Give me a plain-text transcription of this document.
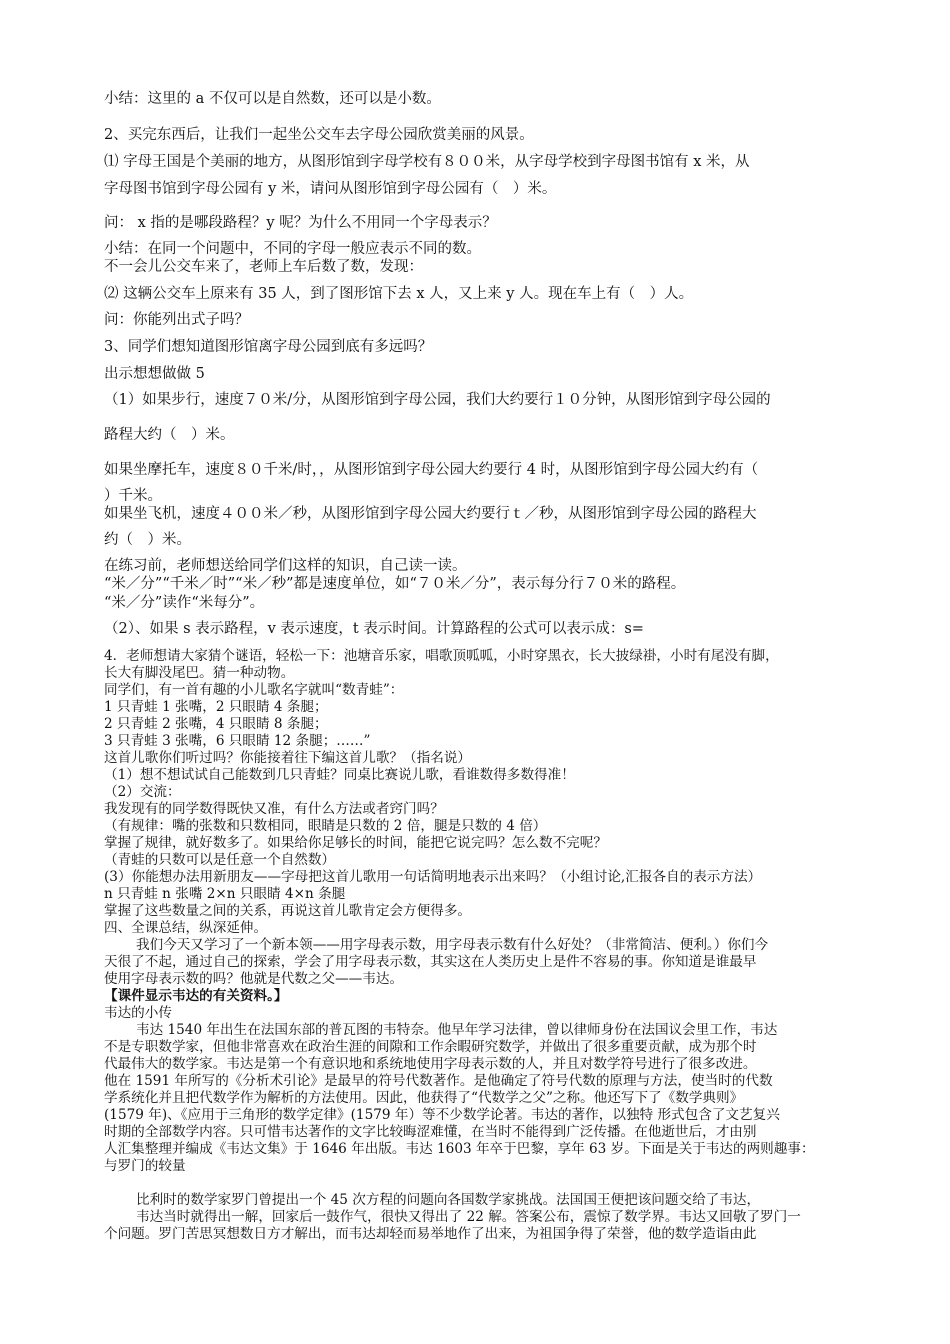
小结：这里的 a 不仅可以是自然数，还可以是小数。
2、买完东西后，让我们一起坐公交车去字母公园欣赏美丽的风景。
⑴ 字母王国是个美丽的地方，从图形馆到字母学校有８００米，从字母学校到字母图书馆有 x 米，从
字母图书馆到字母公园有 y 米，请问从图形馆到字母公园有（　）米。
问： x 指的是哪段路程？y 呢？为什么不用同一个字母表示？
小结：在同一个问题中，不同的字母一般应表示不同的数。
不一会儿公交车来了，老师上车后数了数，发现：
⑵ 这辆公交车上原来有 35 人，到了图形馆下去 x 人，又上来 y 人。现在车上有（　）人。
问：你能列出式子吗？
3、同学们想知道图形馆离字母公园到底有多远吗？
出示想想做做 5
（1）如果步行，速度７０米/分，从图形馆到字母公园，我们大约要行１０分钟，从图形馆到字母公园的
路程大约（　）米。
如果坐摩托车，速度８０千米/时，，从图形馆到字母公园大约要行 4 时，从图形馆到字母公园大约有（
）千米。
如果坐飞机，速度４００米／秒，从图形馆到字母公园大约要行ｔ／秒，从图形馆到字母公园的路程大
约（　）米。
在练习前，老师想送给同学们这样的知识，自己读一读。
“米／分”“千米／时”“米／秒”都是速度单位，如“７０米／分”，表示每分行７０米的路程。
“米／分”读作“米每分”。
（2）、如果 s 表示路程，v 表示速度，t 表示时间。计算路程的公式可以表示成：s=
4．老师想请大家猜个谜语，轻松一下：池塘音乐家，唱歌顶呱呱，小时穿黑衣，长大披绿褂，小时有尾没有脚，
长大有脚没尾巴。猜一种动物。
同学们，有一首有趣的小儿歌名字就叫“数青蛙”：
1 只青蛙 1 张嘴，2 只眼睛 4 条腿；
2 只青蛙 2 张嘴，4 只眼睛 8 条腿；
3 只青蛙 3 张嘴，6 只眼睛 12 条腿；……”
这首儿歌你们听过吗？你能接着往下编这首儿歌？（指名说）
（1）想不想试试自己能数到几只青蛙？同桌比赛说儿歌，看谁数得多数得准！
（2）交流：
我发现有的同学数得既快又准，有什么方法或者窍门吗？
（有规律：嘴的张数和只数相同，眼睛是只数的 2 倍，腿是只数的 4 倍）
掌握了规律，就好数多了。如果给你足够长的时间，能把它说完吗？怎么数不完呢？
（青蛙的只数可以是任意一个自然数）
(3）你能想办法用新朋友——字母把这首儿歌用一句话简明地表示出来吗？（小组讨论,汇报各自的表示方法）
n 只青蛙 n 张嘴 2×n 只眼睛 4×n 条腿
掌握了这些数量之间的关系，再说这首儿歌肯定会方便得多。
四、全课总结，纵深延伸。
我们今天又学习了一个新本领——用字母表示数，用字母表示数有什么好处？（非常简洁、便利。）你们今
天很了不起，通过自己的探索，学会了用字母表示数，其实这在人类历史上是件不容易的事。你知道是谁最早
使用字母表示数的吗？他就是代数之父——韦达。
【课件显示韦达的有关资料。】
韦达的小传
韦达 1540 年出生在法国东部的普瓦图的韦特奈。他早年学习法律，曾以律师身份在法国议会里工作，韦达
不是专职数学家，但他非常喜欢在政治生涯的间隙和工作余暇研究数学，并做出了很多重要贡献，成为那个时
代最伟大的数学家。韦达是第一个有意识地和系统地使用字母表示数的人，并且对数学符号进行了很多改进。
他在 1591 年所写的《分析术引论》是最早的符号代数著作。是他确定了符号代数的原理与方法，使当时的代数
学系统化并且把代数学作为解析的方法使用。因此，他获得了“代数学之父”之称。他还写下了《数学典则》
(1579 年)、《应用于三角形的数学定律》(1579 年）等不少数学论著。韦达的著作，以独特 形式包含了文艺复兴
时期的全部数学内容。只可惜韦达著作的文字比较晦涩难懂，在当时不能得到广泛传播。在他逝世后，才由别
人汇集整理并编成《韦达文集》于 1646 年出版。韦达 1603 年卒于巴黎，享年 63 岁。下面是关于韦达的两则趣事：
与罗门的较量
比利时的数学家罗门曾提出一个 45 次方程的问题向各国数学家挑战。法国国王便把该问题交给了韦达，
韦达当时就得出一解，回家后一鼓作气，很快又得出了 22 解。答案公布，震惊了数学界。韦达又回敬了罗门一
个问题。罗门苦思冥想数日方才解出，而韦达却轻而易举地作了出来，为祖国争得了荣誉，他的数学造诣由此
